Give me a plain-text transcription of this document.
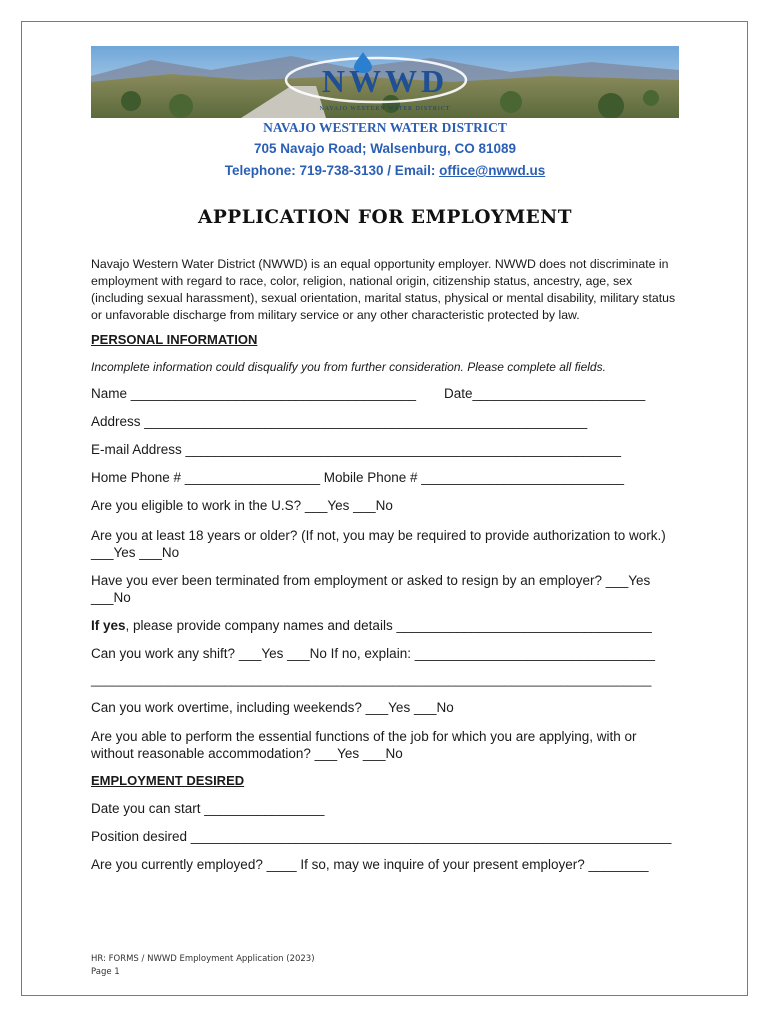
NWWD
NAVAJO WESTERN WATER DISTRICT
NAVAJO WESTERN WATER DISTRICT
705 Navajo Road; Walsenburg, CO 81089
Telephone: 719-738-3130 / Email: office@nwwd.us
APPLICATION FOR EMPLOYMENT

Navajo Western Water District (NWWD) is an equal opportunity employer. NWWD does not discriminate in employment with regard to race, color, religion, national origin, citizenship status, ancestry, age, sex (including sexual harassment), sexual orientation, marital status, physical or mental disability, military status or unfavorable discharge from military service or any other characteristic protected by law.

PERSONAL INFORMATION
Incomplete information could disqualify you from further consideration. Please complete all fields.
Name ______________________________________ Date_______________________
Address ___________________________________________________________
E-mail Address __________________________________________________________
Home Phone # __________________ Mobile Phone # ___________________________
Are you eligible to work in the U.S? ___Yes ___No
Are you at least 18 years or older? (If not, you may be required to provide authorization to work.) ___Yes ___No
Have you ever been terminated from employment or asked to resign by an employer? ___Yes ___No
If yes, please provide company names and details __________________________________
Can you work any shift? ___Yes ___No If no, explain: ________________________________
________________________________________________________________________________
Can you work overtime, including weekends? ___Yes ___No
Are you able to perform the essential functions of the job for which you are applying, with or without reasonable accommodation? ___Yes ___No
EMPLOYMENT DESIRED
Date you can start ________________
Position desired ________________________________________________________________
Are you currently employed? ____ If so, may we inquire of your present employer? ________
HR: FORMS / NWWD Employment Application (2023)
Page 1
